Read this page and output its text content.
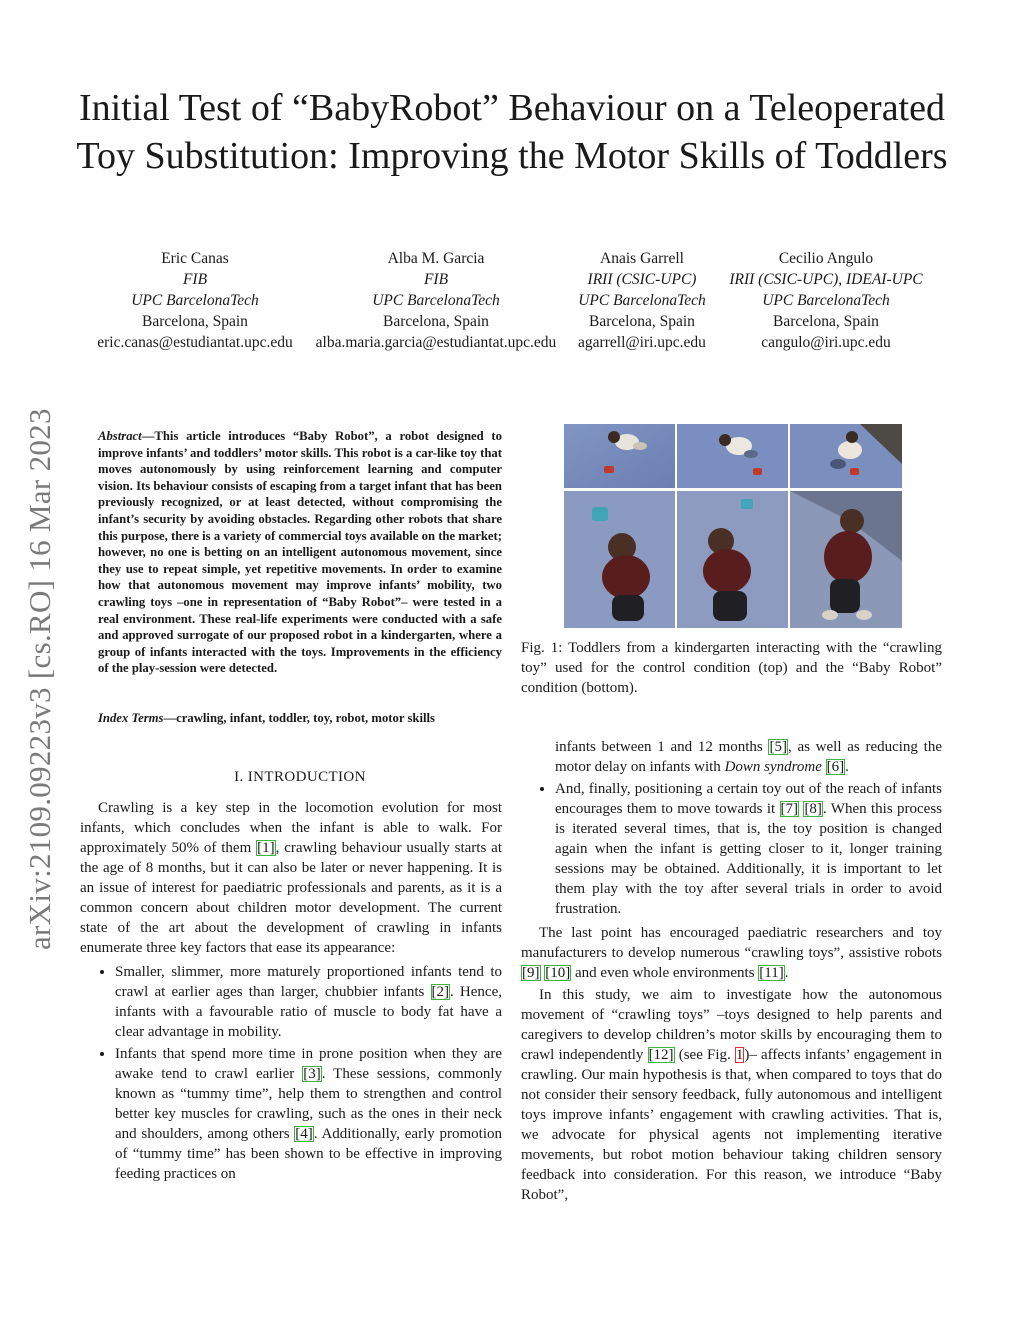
Initial Test of “BabyRobot” Behaviour on a Teleoperated Toy Substitution: Improving the Motor Skills of Toddlers
Eric Canas
FIB
UPC BarcelonaTech
Barcelona, Spain
eric.canas@estudiantat.upc.edu
Alba M. Garcia
FIB
UPC BarcelonaTech
Barcelona, Spain
alba.maria.garcia@estudiantat.upc.edu
Anais Garrell
IRII (CSIC-UPC)
UPC BarcelonaTech
Barcelona, Spain
agarrell@iri.upc.edu
Cecilio Angulo
IRII (CSIC-UPC), IDEAI-UPC
UPC BarcelonaTech
Barcelona, Spain
cangulo@iri.upc.edu
arXiv:2109.09223v3 [cs.RO] 16 Mar 2023	Abstract—This article introduces “Baby Robot”, a robot designed to improve infants’ and toddlers’ motor skills. This robot is a car-like toy that moves autonomously by using reinforcement learning and computer vision. Its behaviour consists of escaping from a target infant that has been previously recognized, or at least detected, without compromising the infant’s security by avoiding obstacles. Regarding other robots that share this purpose, there is a variety of commercial toys available on the market; however, no one is betting on an intelligent autonomous movement, since they use to repeat simple, yet repetitive movements. In order to examine how that autonomous movement may improve infants’ mobility, two crawling toys –one in representation of “Baby Robot”– were tested in a real environment. These real-life experiments were conducted with a safe and approved surrogate of our proposed robot in a kindergarten, where a group of infants interacted with the toys. Improvements in the efficiency of the play-session were detected.
Index Terms—crawling, infant, toddler, toy, robot, motor skills
I. INTRODUCTION

Crawling is a key step in the locomotion evolution for most infants, which concludes when the infant is able to walk. For approximately 50% of them [1], crawling behaviour usually starts at the age of 8 months, but it can also be later or never happening. It is an issue of interest for paediatric professionals and parents, as it is a common concern about children motor development. The current state of the art about the development of crawling in infants enumerate three key factors that ease its appearance:

• Smaller, slimmer, more maturely proportioned infants tend to crawl at earlier ages than larger, chubbier infants [2]. Hence, infants with a favourable ratio of muscle to body fat have a clear advantage in mobility.
• Infants that spend more time in prone position when they are awake tend to crawl earlier [3]. These sessions, commonly known as “tummy time”, help them to strengthen and control better key muscles for crawling, such as the ones in their neck and shoulders, among others [4]. Additionally, early promotion of “tummy time” has been shown to be effective in improving feeding practices on
Fig. 1: Toddlers from a kindergarten interacting with the “crawling toy” used for the control condition (top) and the “Baby Robot” condition (bottom).
infants between 1 and 12 months [5], as well as reducing the motor delay on infants with Down syndrome [6].
• And, finally, positioning a certain toy out of the reach of infants encourages them to move towards it [7] [8]. When this process is iterated several times, that is, the toy position is changed again when the infant is getting closer to it, longer training sessions may be obtained. Additionally, it is important to let them play with the toy after several trials in order to avoid frustration.

The last point has encouraged paediatric researchers and toy manufacturers to develop numerous “crawling toys”, assistive robots [9] [10] and even whole environments [11].

In this study, we aim to investigate how the autonomous movement of “crawling toys” –toys designed to help parents and caregivers to develop children’s motor skills by encouraging them to crawl independently [12] (see Fig. 1)– affects infants’ engagement in crawling. Our main hypothesis is that, when compared to toys that do not consider their sensory feedback, fully autonomous and intelligent toys improve infants’ engagement with crawling activities. That is, we advocate for physical agents not implementing iterative movements, but robot motion behaviour taking children sensory feedback into consideration. For this reason, we introduce “Baby Robot”,
